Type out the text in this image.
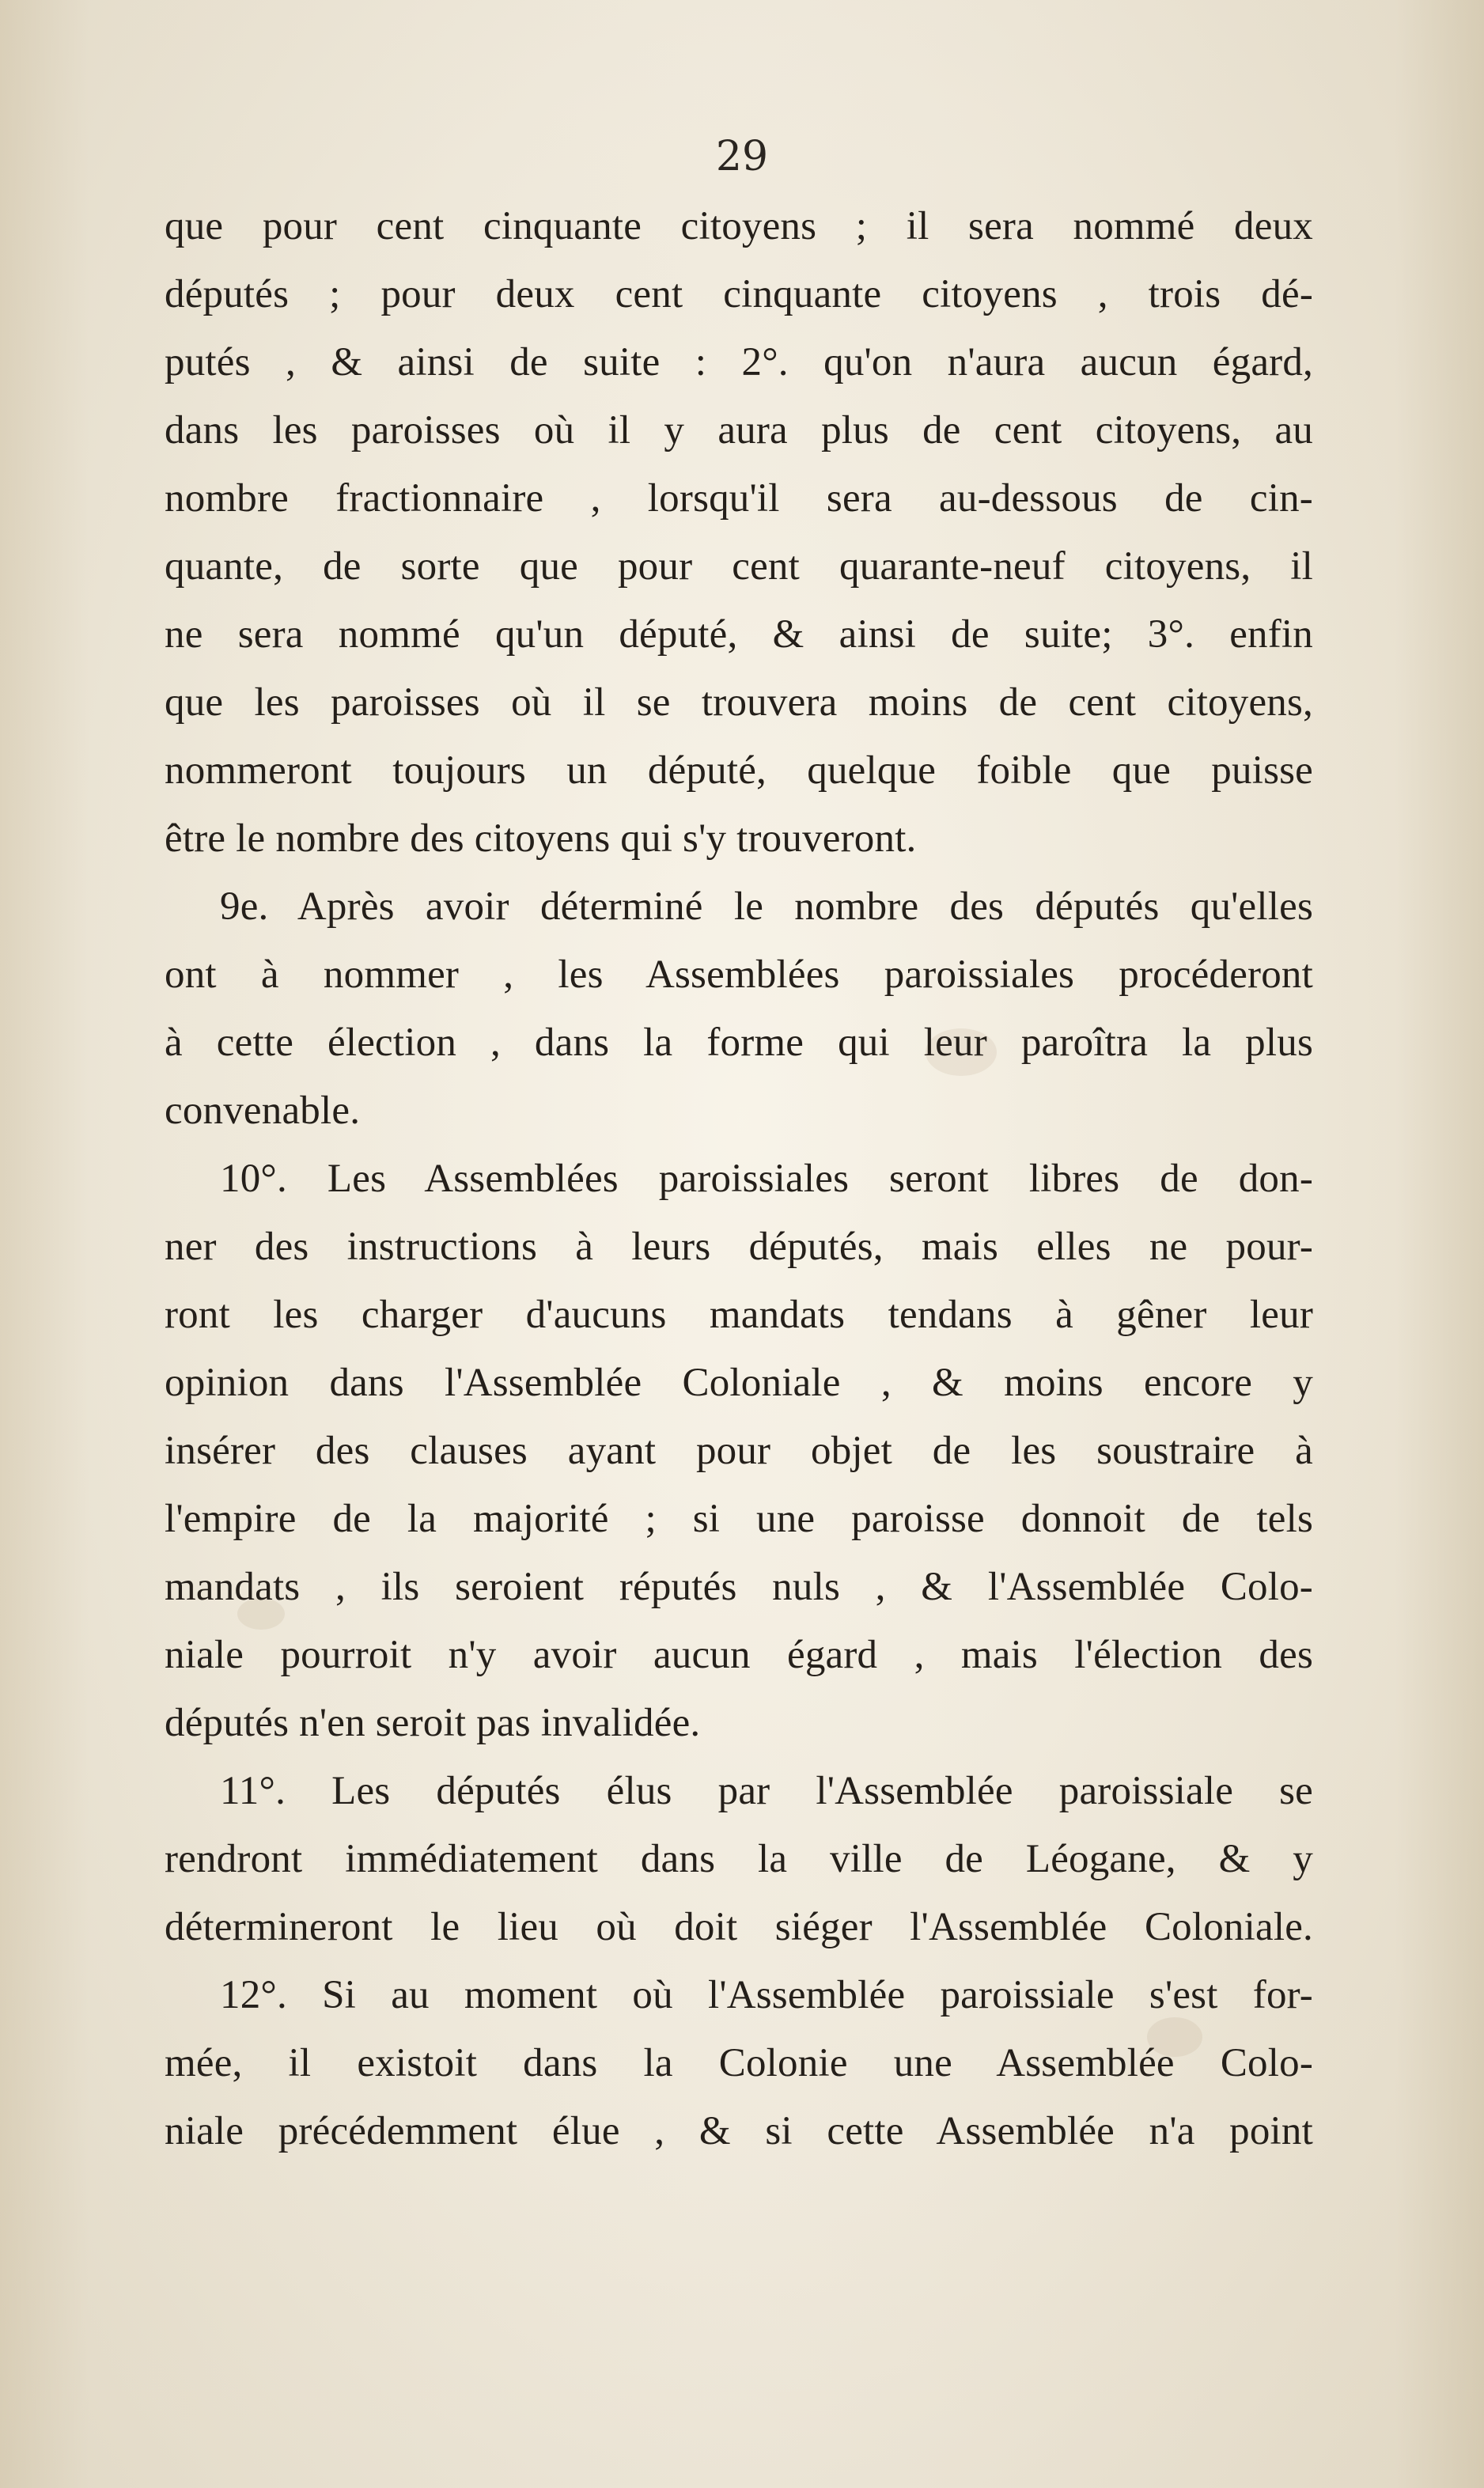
29
que pour cent cinquante citoyens ; il sera nommé deux
députés ; pour deux cent cinquante citoyens , trois dé-
putés , & ainsi de suite : 2°. qu'on n'aura aucun égard,
dans les paroisses où il y aura plus de cent citoyens, au
nombre fractionnaire , lorsqu'il sera au-dessous de cin-
quante, de sorte que pour cent quarante-neuf citoyens, il
ne sera nommé qu'un député, & ainsi de suite; 3°. enfin
que les paroisses où il se trouvera moins de cent citoyens,
nommeront toujours un député, quelque foible que puisse
être le nombre des citoyens qui s'y trouveront.
9e. Après avoir déterminé le nombre des députés qu'elles
ont à nommer , les Assemblées paroissiales procéderont
à cette élection , dans la forme qui leur paroîtra la plus
convenable.
10°. Les Assemblées paroissiales seront libres de don-
ner des instructions à leurs députés, mais elles ne pour-
ront les charger d'aucuns mandats tendans à gêner leur
opinion dans l'Assemblée Coloniale , & moins encore y
insérer des clauses ayant pour objet de les soustraire à
l'empire de la majorité ; si une paroisse donnoit de tels
mandats , ils seroient réputés nuls , & l'Assemblée Colo-
niale pourroit n'y avoir aucun égard , mais l'élection des
députés n'en seroit pas invalidée.
11°. Les députés élus par l'Assemblée paroissiale se
rendront immédiatement dans la ville de Léogane, & y
détermineront le lieu où doit siéger l'Assemblée Coloniale.
12°. Si au moment où l'Assemblée paroissiale s'est for-
mée, il existoit dans la Colonie une Assemblée Colo-
niale précédemment élue , & si cette Assemblée n'a point
